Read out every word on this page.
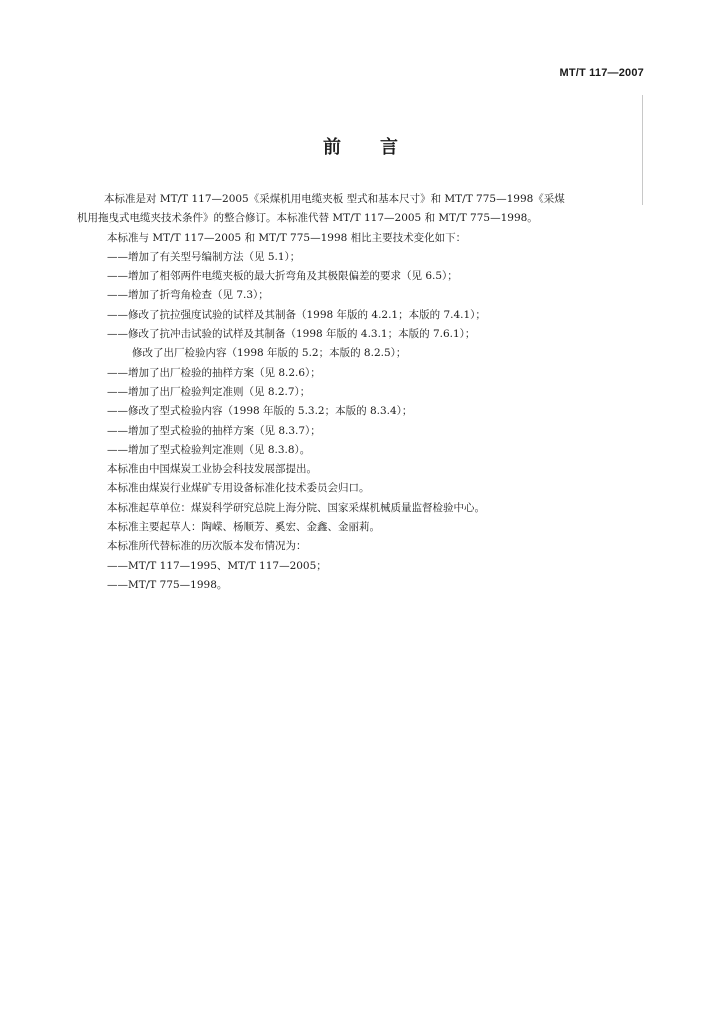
MT/T 117—2007
前 言
本标准是对 MT/T 117—2005《采煤机用电缆夹板 型式和基本尺寸》和 MT/T 775—1998《采煤
机用拖曳式电缆夹技术条件》的整合修订。本标准代替 MT/T 117—2005 和 MT/T 775—1998。
本标准与 MT/T 117—2005 和 MT/T 775—1998 相比主要技术变化如下：
——增加了有关型号编制方法（见 5.1）；
——增加了相邻两件电缆夹板的最大折弯角及其极限偏差的要求（见 6.5）；
——增加了折弯角检查（见 7.3）；
——修改了抗拉强度试验的试样及其制备（1998 年版的 4.2.1；本版的 7.4.1）；
——修改了抗冲击试验的试样及其制备（1998 年版的 4.3.1；本版的 7.6.1）；
修改了出厂检验内容（1998 年版的 5.2；本版的 8.2.5）；
——增加了出厂检验的抽样方案（见 8.2.6）；
——增加了出厂检验判定准则（见 8.2.7）；
——修改了型式检验内容（1998 年版的 5.3.2；本版的 8.3.4）；
——增加了型式检验的抽样方案（见 8.3.7）；
——增加了型式检验判定准则（见 8.3.8）。
本标准由中国煤炭工业协会科技发展部提出。
本标准由煤炭行业煤矿专用设备标准化技术委员会归口。
本标准起草单位：煤炭科学研究总院上海分院、国家采煤机械质量监督检验中心。
本标准主要起草人：陶嵘、杨顺芳、奚宏、金鑫、金丽莉。
本标准所代替标准的历次版本发布情况为：
——MT/T 117—1995、MT/T 117—2005；
——MT/T 775—1998。
